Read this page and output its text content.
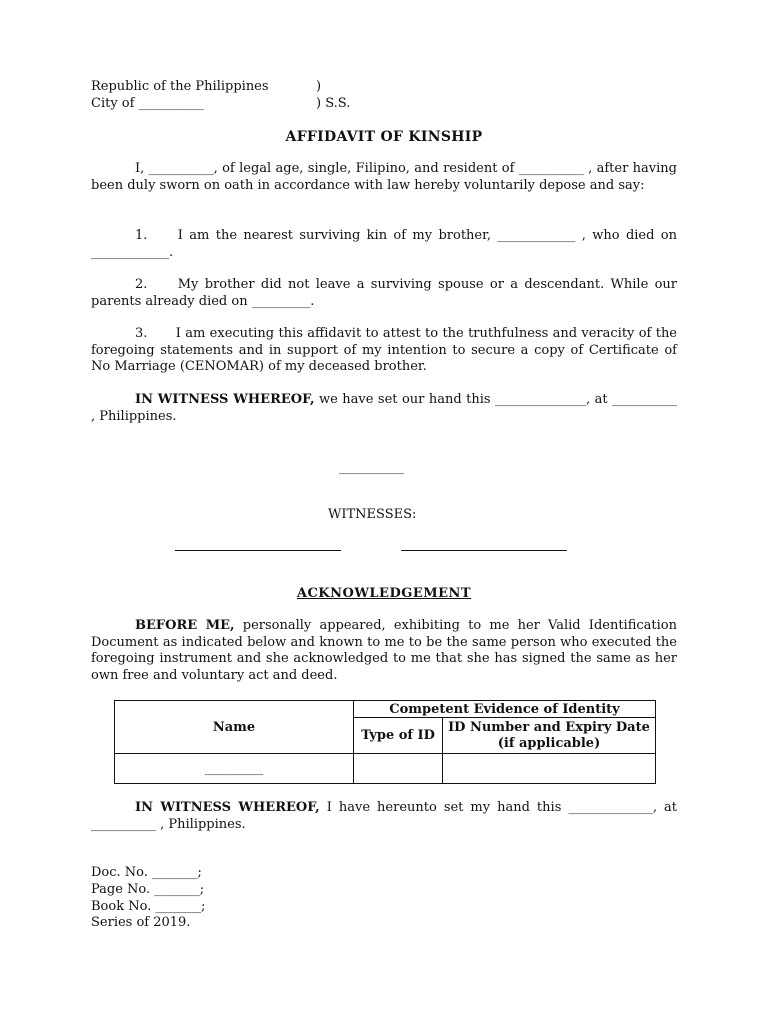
Republic of the Philippines	)
City of __________	) S.S.
AFFIDAVIT OF KINSHIP
I, __________, of legal age, single, Filipino, and resident of __________ , after having been duly sworn on oath in accordance with law hereby voluntarily depose and say:
1. I am the nearest surviving kin of my brother, ____________ , who died on ____________.
2. My brother did not leave a surviving spouse or a descendant. While our parents already died on _________.
3. I am executing this affidavit to attest to the truthfulness and veracity of the foregoing statements and in support of my intention to secure a copy of Certificate of No Marriage (CENOMAR) of my deceased brother.
IN WITNESS WHEREOF, we have set our hand this ______________, at __________ , Philippines.
__________
WITNESSES:
ACKNOWLEDGEMENT
BEFORE ME, personally appeared, exhibiting to me her Valid Identification Document as indicated below and known to me to be the same person who executed the foregoing instrument and she acknowledged to me that she has signed the same as her own free and voluntary act and deed.
Name	Competent Evidence of Identity	
	Type of ID	ID Number and Expiry Date
(if applicable)
_________		
IN WITNESS WHEREOF, I have hereunto set my hand this _____________, at __________ , Philippines.
Doc. No. _______;
Page No. _______;
Book No. _______;
Series of 2019.
